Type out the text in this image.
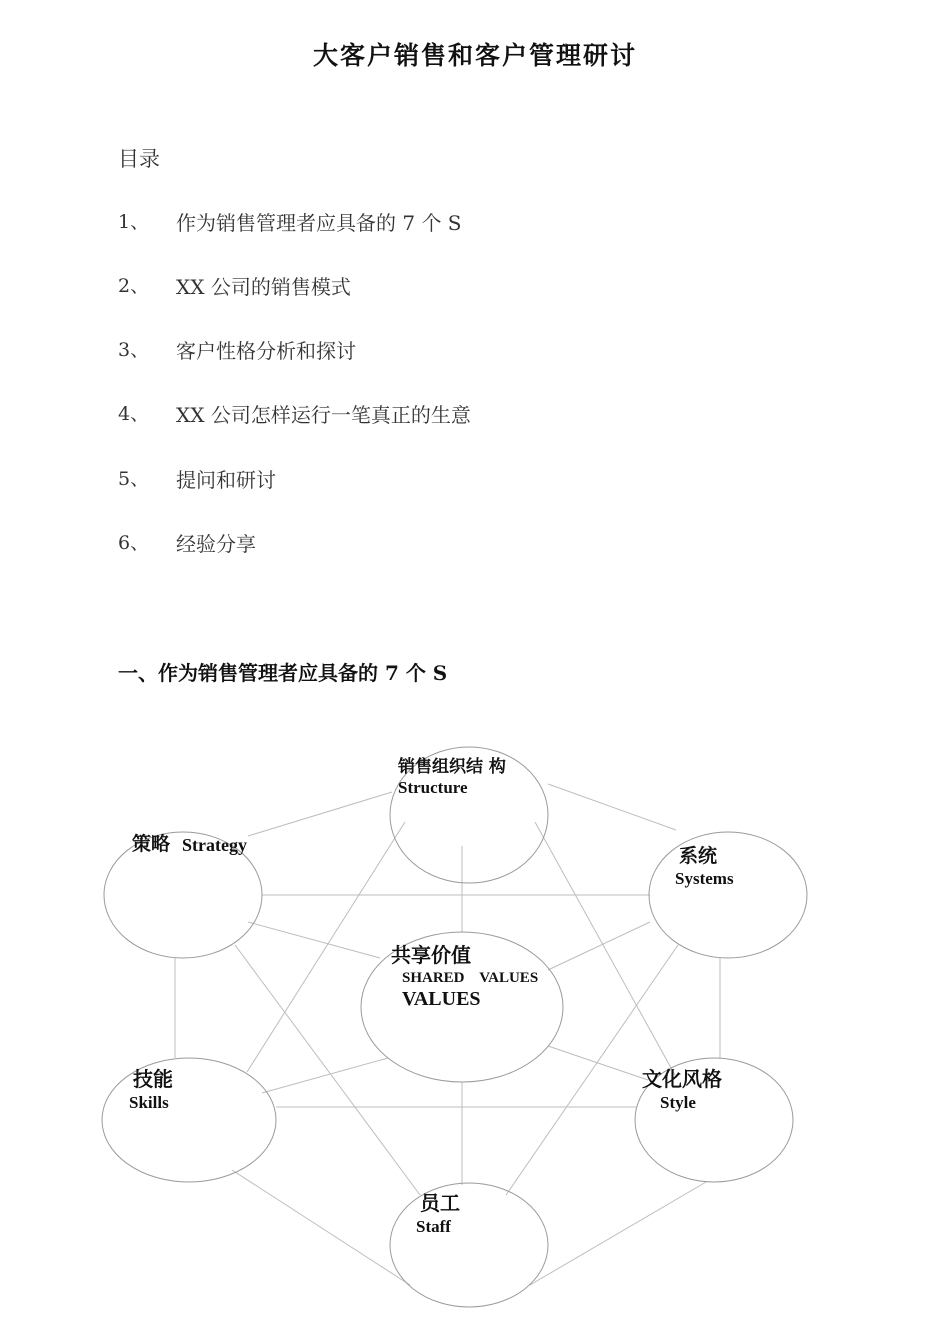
大客户销售和客户管理研讨
目录
1、 作为销售管理者应具备的 7 个 S
2、 XX 公司的销售模式
3、 客户性格分析和探讨
4、 XX 公司怎样运行一笔真正的生意
5、 提问和研讨
6、 经验分享
一、作为销售管理者应具备的 7 个 S
销售组织结 构
Structure
策略 Strategy	系统
Systems
共享价值
SHARED    VALUES
VALUES
技能
Skills
文化风格
Style
员工
Staff
